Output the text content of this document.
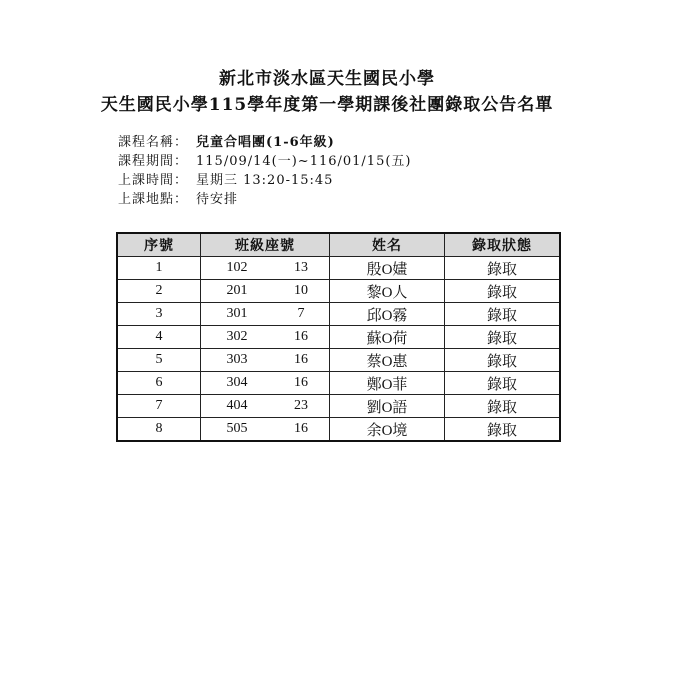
新北市淡水區天生國民小學
天生國民小學115學年度第一學期課後社團錄取公告名單
課程名稱： 兒童合唱團(1-6年級)
課程期間： 115/09/14(一)~116/01/15(五)
上課時間： 星期三 13:20-15:45
上課地點： 待安排
序號	班級座號		姓名	錄取狀態
1	102	13	殷O嫿	錄取
2	201	10	黎O人	錄取
3	301	7	邱O霧	錄取
4	302	16	蘇O荷	錄取
5	303	16	蔡O惠	錄取
6	304	16	鄭O菲	錄取
7	404	23	劉O語	錄取
8	505	16	余O境	錄取
